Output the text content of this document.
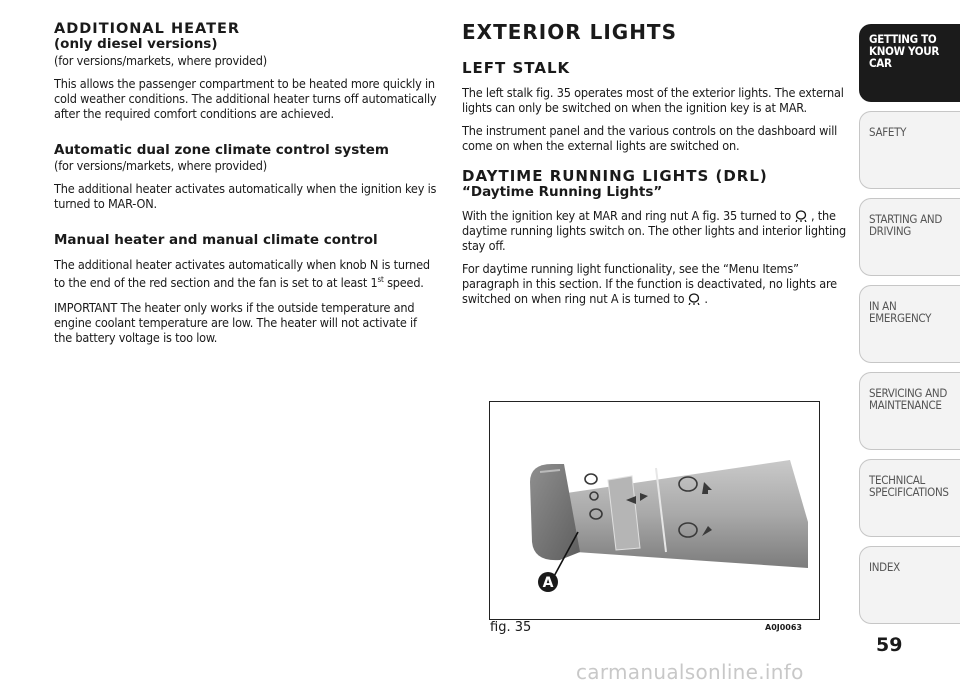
ADDITIONAL HEATER
(only diesel versions)

(for versions/markets, where provided)

This allows the passenger compartment to be heated more quickly in cold weather conditions. The additional heater turns off automatically after the required comfort conditions are achieved.

Automatic dual zone climate control system

(for versions/markets, where provided)

The additional heater activates automatically when the ignition key is turned to MAR-ON.

Manual heater and manual climate control

The additional heater activates automatically when knob N is turned to the end of the red section and the fan is set to at least 1st speed.

IMPORTANT The heater only works if the outside temperature and engine coolant temperature are low. The heater will not activate if the battery voltage is too low.

EXTERIOR LIGHTS
LEFT STALK

The left stalk fig. 35 operates most of the exterior lights. The external lights can only be switched on when the ignition key is at MAR.

The instrument panel and the various controls on the dashboard will come on when the external lights are switched on.

DAYTIME RUNNING LIGHTS (DRL)
“Daytime Running Lights”

With the ignition key at MAR and ring nut A fig. 35 turned to , the daytime running lights switch on. The other lights and interior lighting stay off.

For daytime running light functionality, see the “Menu Items” paragraph in this section. If the function is deactivated, no lights are switched on when ring nut A is turned to .

A
fig. 35	A0J0063
GETTING TO
KNOW YOUR CAR
SAFETY
STARTING AND
DRIVING
IN AN EMERGENCY
SERVICING AND
MAINTENANCE
TECHNICAL
SPECIFICATIONS
INDEX
59
carmanualsonline.info
